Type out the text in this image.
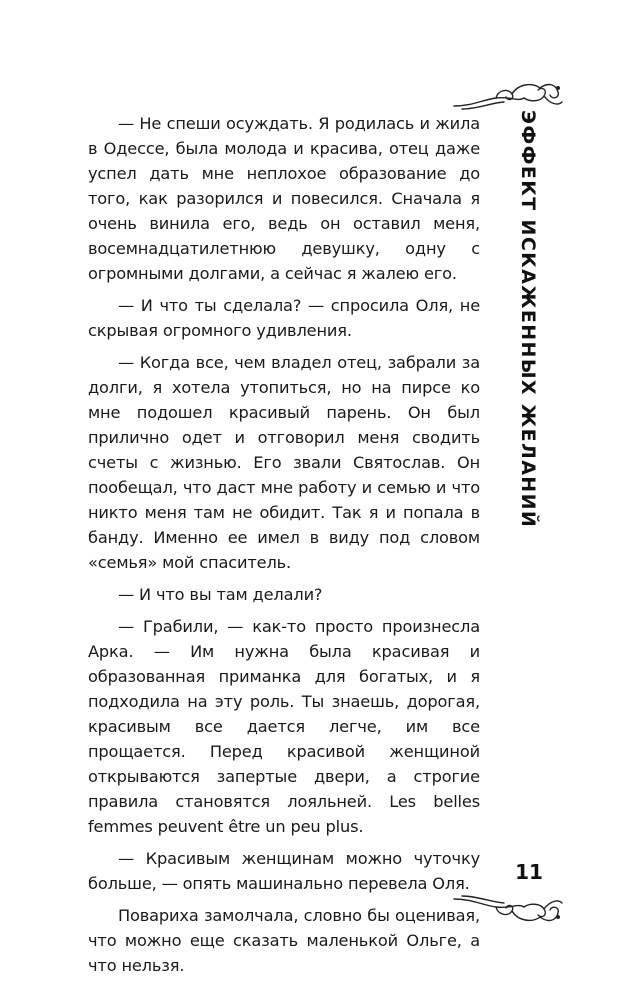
ЭФФЕКТ ИСКАЖЕННЫХ ЖЕЛАНИЙ

— Не спеши осуждать. Я родилась и жила в Одессе, была молода и красива, отец даже успел дать мне неплохое образование до того, как разорился и повесился. Сначала я очень винила его, ведь он оставил меня, восемнадцатилетнюю девушку, одну с огромными долгами, а сейчас я жалею его.

— И что ты сделала? — спросила Оля, не скрывая огромного удивления.

— Когда все, чем владел отец, забрали за долги, я хотела утопиться, но на пирсе ко мне подошел красивый парень. Он был прилично одет и отговорил меня сводить счеты с жизнью. Его звали Святослав. Он пообещал, что даст мне работу и семью и что никто меня там не обидит. Так я и попала в банду. Именно ее имел в виду под словом «семья» мой спаситель.

— И что вы там делали?

— Грабили, — как-то просто произнесла Арка. — Им нужна была красивая и образованная приманка для богатых, и я подходила на эту роль. Ты знаешь, дорогая, красивым все дается легче, им все прощается. Перед красивой женщиной открываются запертые двери, а строгие правила становятся лояльней. Les belles femmes peuvent être un peu plus.

— Красивым женщинам можно чуточку больше, — опять машинально перевела Оля.

Повариха замолчала, словно бы оценивая, что можно еще сказать маленькой Ольге, а что нельзя.

11
